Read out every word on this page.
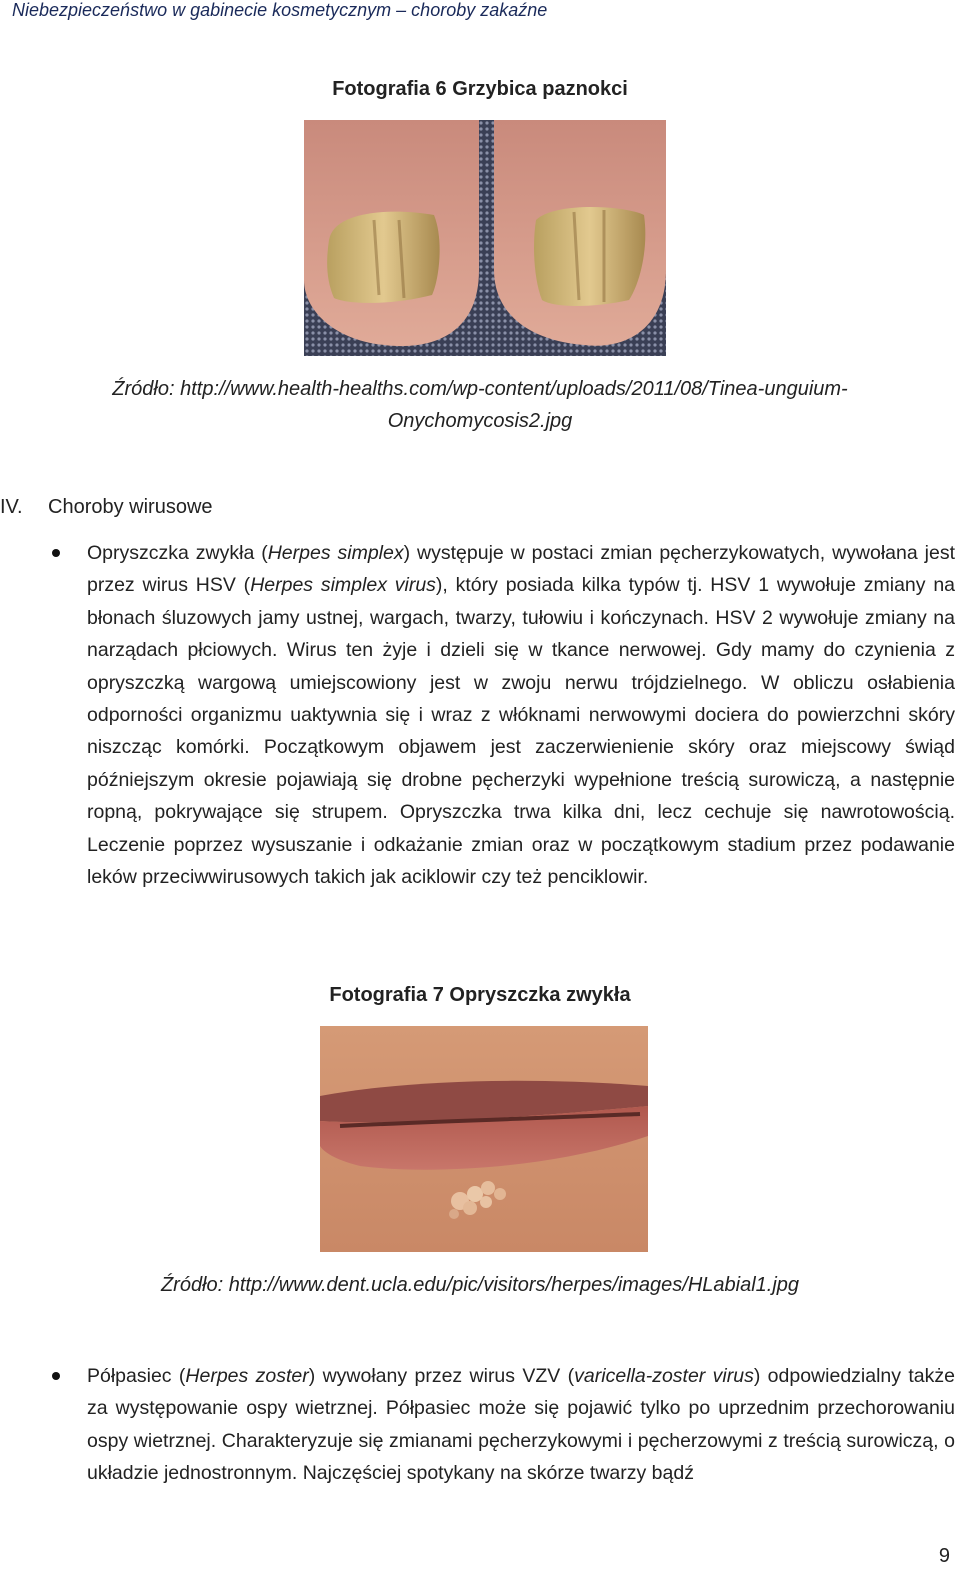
Niebezpieczeństwo w gabinecie kosmetycznym – choroby zakaźne
Fotografia 6 Grzybica paznokci
Źródło: http://www.health-healths.com/wp-content/uploads/2011/08/Tinea-unguium-
Onychomycosis2.jpg
IV. Choroby wirusowe
Opryszczka zwykła (Herpes simplex) występuje w postaci zmian pęcherzykowatych, wywołana jest przez wirus HSV (Herpes simplex virus), który posiada kilka typów tj. HSV 1 wywołuje zmiany na błonach śluzowych jamy ustnej, wargach, twarzy, tułowiu i kończynach. HSV 2 wywołuje zmiany na narządach płciowych. Wirus ten żyje i dzieli się w tkance nerwowej. Gdy mamy do czynienia z opryszczką wargową umiejscowiony jest w zwoju nerwu trójdzielnego. W obliczu osłabienia odporności organizmu uaktywnia się i wraz z włóknami nerwowymi dociera do powierzchni skóry niszcząc komórki. Początkowym objawem jest zaczerwienienie skóry oraz miejscowy świąd późniejszym okresie pojawiają się drobne pęcherzyki wypełnione treścią surowiczą, a następnie ropną, pokrywające się strupem. Opryszczka trwa kilka dni, lecz cechuje się nawrotowością. Leczenie poprzez wysuszanie i odkażanie zmian oraz w początkowym stadium przez podawanie leków przeciwwirusowych takich jak aciklowir czy też penciklowir.
Fotografia 7 Opryszczka zwykła
Źródło: http://www.dent.ucla.edu/pic/visitors/herpes/images/HLabial1.jpg
Półpasiec (Herpes zoster) wywołany przez wirus VZV (varicella-zoster virus) odpowiedzialny także za występowanie ospy wietrznej. Półpasiec może się pojawić tylko po uprzednim przechorowaniu ospy wietrznej. Charakteryzuje się zmianami pęcherzykowymi i pęcherzowymi z treścią surowiczą, o układzie jednostronnym. Najczęściej spotykany na skórze twarzy bądź
9
